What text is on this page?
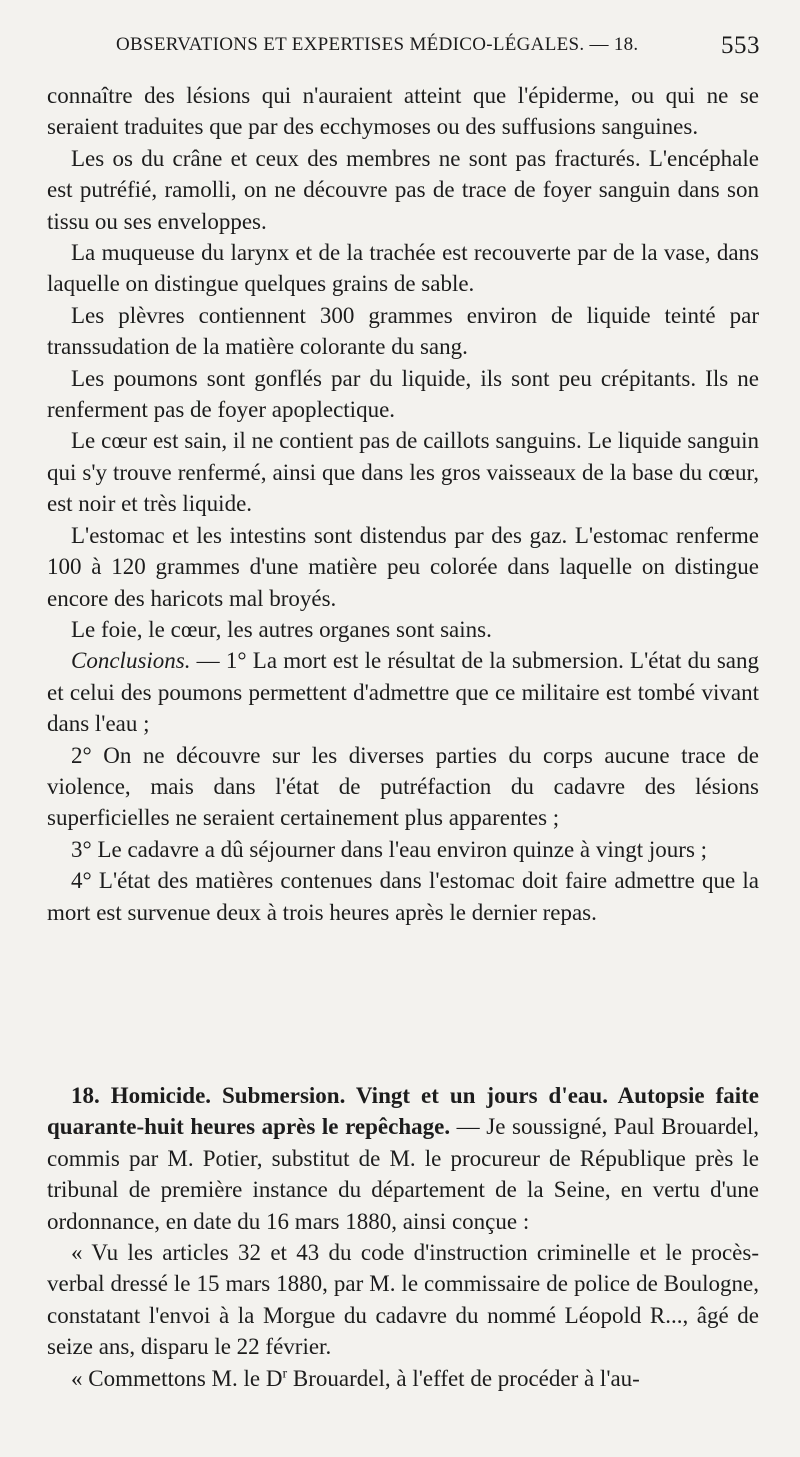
OBSERVATIONS ET EXPERTISES MÉDICO-LÉGALES. — 18.	553

connaître des lésions qui n'auraient atteint que l'épiderme, ou qui ne se seraient traduites que par des ecchymoses ou des suffusions sanguines.

Les os du crâne et ceux des membres ne sont pas fracturés. L'encéphale est putréfié, ramolli, on ne découvre pas de trace de foyer sanguin dans son tissu ou ses enveloppes.

La muqueuse du larynx et de la trachée est recouverte par de la vase, dans laquelle on distingue quelques grains de sable.

Les plèvres contiennent 300 grammes environ de liquide teinté par transsudation de la matière colorante du sang.

Les poumons sont gonflés par du liquide, ils sont peu crépitants. Ils ne renferment pas de foyer apoplectique.

Le cœur est sain, il ne contient pas de caillots sanguins. Le liquide sanguin qui s'y trouve renfermé, ainsi que dans les gros vaisseaux de la base du cœur, est noir et très liquide.

L'estomac et les intestins sont distendus par des gaz. L'estomac renferme 100 à 120 grammes d'une matière peu colorée dans laquelle on distingue encore des haricots mal broyés.

Le foie, le cœur, les autres organes sont sains.

Conclusions. — 1° La mort est le résultat de la submersion. L'état du sang et celui des poumons permettent d'admettre que ce militaire est tombé vivant dans l'eau ;

2° On ne découvre sur les diverses parties du corps aucune trace de violence, mais dans l'état de putréfaction du cadavre des lésions superficielles ne seraient certainement plus apparentes ;

3° Le cadavre a dû séjourner dans l'eau environ quinze à vingt jours ;

4° L'état des matières contenues dans l'estomac doit faire admettre que la mort est survenue deux à trois heures après le dernier repas.

18. Homicide. Submersion. Vingt et un jours d'eau. Autopsie faite quarante-huit heures après le repêchage. — Je soussigné, Paul Brouardel, commis par M. Potier, substitut de M. le procureur de République près le tribunal de première instance du département de la Seine, en vertu d'une ordonnance, en date du 16 mars 1880, ainsi conçue :

« Vu les articles 32 et 43 du code d'instruction criminelle et le procès-verbal dressé le 15 mars 1880, par M. le commissaire de police de Boulogne, constatant l'envoi à la Morgue du cadavre du nommé Léopold R..., âgé de seize ans, disparu le 22 février.

« Commettons M. le $D^r$ Brouardel, à l'effet de procéder à l'au-
